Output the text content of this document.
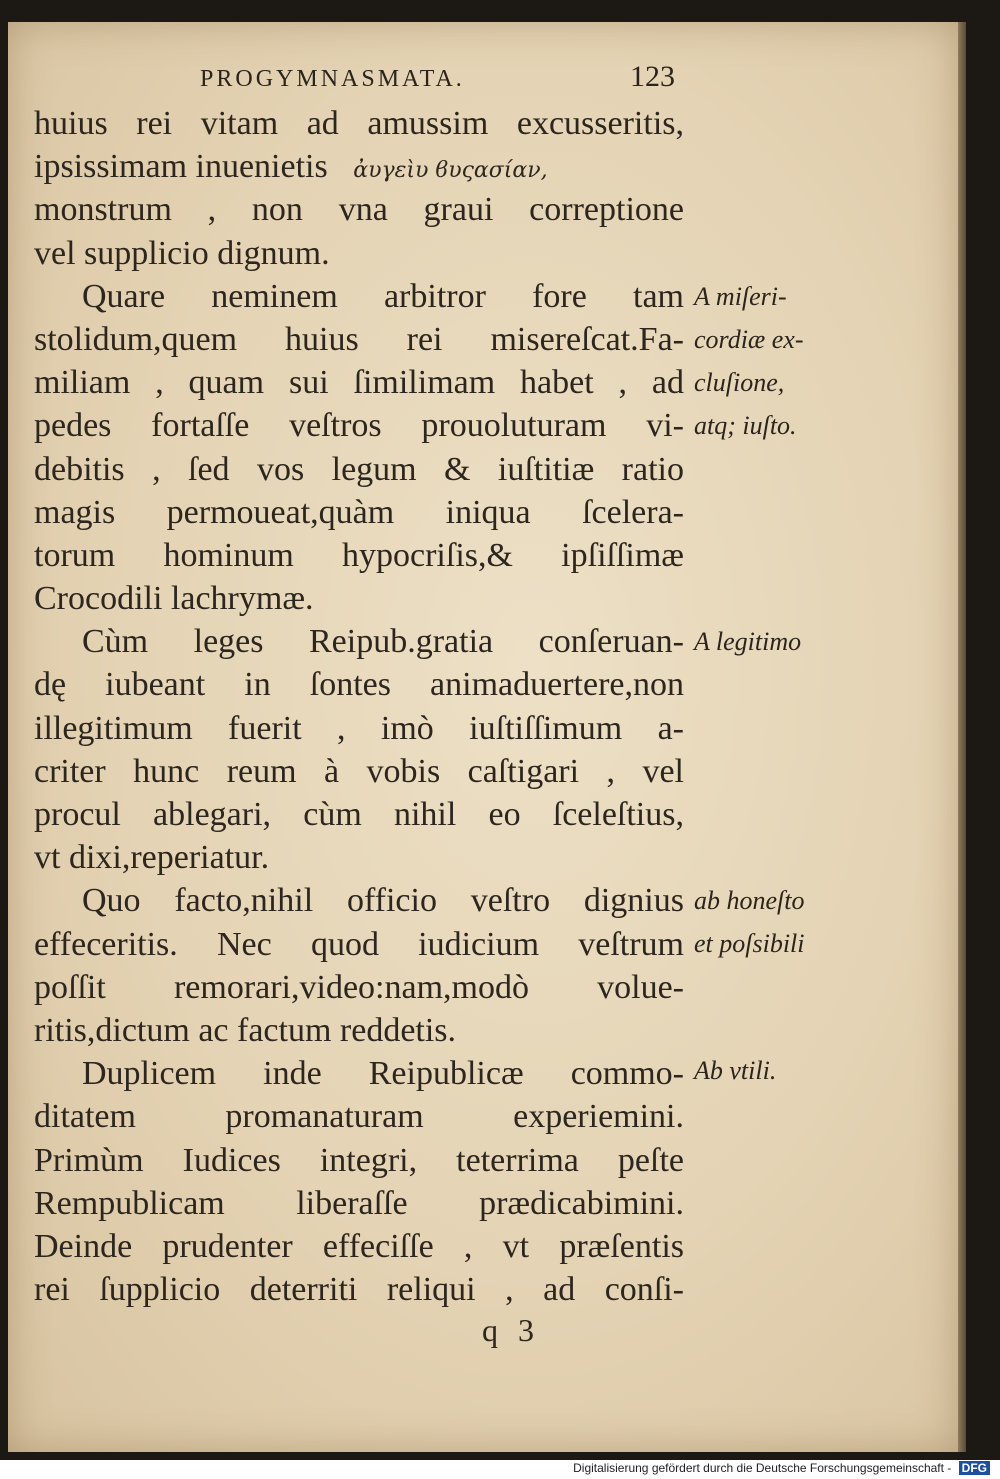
PROGYMNASMATA.	123
huius rei vitam ad amussim excusseritis,
ipsissimam inuenietis ἀυγεὶυ ϐυςασίαν,
monstrum , non vna graui correptione
vel supplicio dignum.
Quare neminem arbitror fore tam
stolidum,quem huius rei misereſcat.Fa-
miliam , quam sui ſimilimam habet , ad
pedes fortaſſe veſtros prouoluturam vi-
debitis , ſed vos legum & iuſtitiæ ratio
magis permoueat,quàm iniqua ſcelera-
torum hominum hypocriſis,& ipſiſſimæ
Crocodili lachrymæ.
Cùm leges Reipub.gratia conſeruan-
dę iubeant in ſontes animaduertere,non
illegitimum fuerit , imò iuſtiſſimum a-
criter hunc reum à vobis caſtigari , vel
procul ablegari, cùm nihil eo ſceleſtius,
vt dixi,reperiatur.
Quo facto,nihil officio veſtro dignius
effeceritis. Nec quod iudicium veſtrum
poſſit remorari,video:nam,modò volue-
ritis,dictum ac factum reddetis.
Duplicem inde Reipublicæ commo-
ditatem promanaturam experiemini.
Primùm Iudices integri, teterrima peſte
Rempublicam liberaſſe prædicabimini.
Deinde prudenter effeciſſe , vt præſentis
rei ſupplicio deterriti reliqui , ad conſi-
A miſeri-
cordiæ ex-
cluſione,
atq; iuſto.
A legitimo
ab honeſto
et poſsibili
Ab vtili.
q 3
Digitalisierung gefördert durch die Deutsche Forschungsgemeinschaft - DFG
